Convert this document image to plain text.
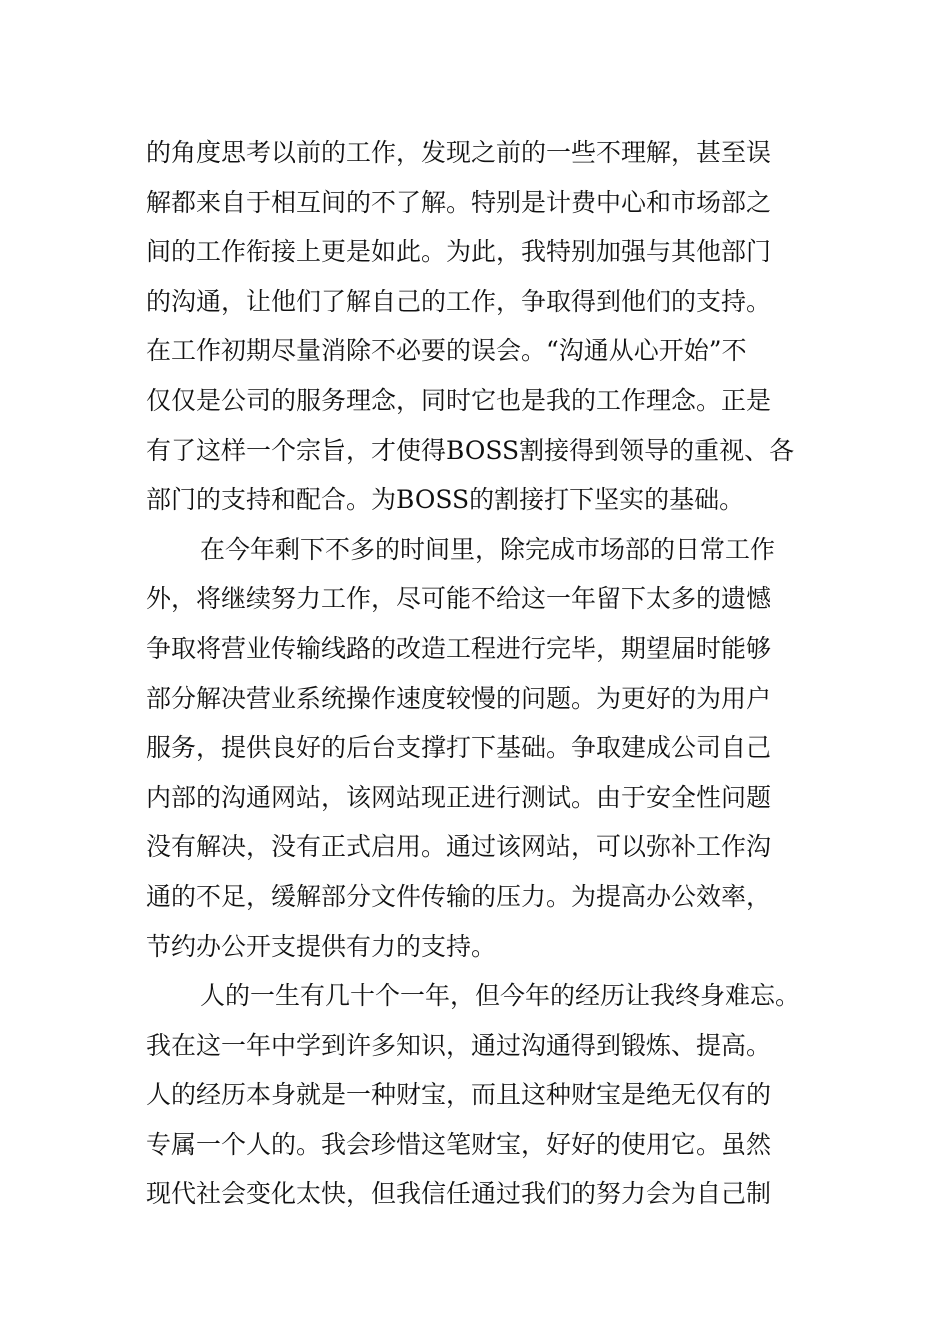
的角度思考以前的工作，发现之前的一些不理解，甚至误
解都来自于相互间的不了解。特别是计费中心和市场部之
间的工作衔接上更是如此。为此，我特别加强与其他部门
的沟通，让他们了解自己的工作，争取得到他们的支持。
在工作初期尽量消除不必要的误会。“沟通从心开始”不
仅仅是公司的服务理念，同时它也是我的工作理念。正是
有了这样一个宗旨，才使得BOSS割接得到领导的重视、各
部门的支持和配合。为BOSS的割接打下坚实的基础。
在今年剩下不多的时间里，除完成市场部的日常工作
外，将继续努力工作，尽可能不给这一年留下太多的遗憾
争取将营业传输线路的改造工程进行完毕，期望届时能够
部分解决营业系统操作速度较慢的问题。为更好的为用户
服务，提供良好的后台支撑打下基础。争取建成公司自己
内部的沟通网站，该网站现正进行测试。由于安全性问题
没有解决，没有正式启用。通过该网站，可以弥补工作沟
通的不足，缓解部分文件传输的压力。为提高办公效率，
节约办公开支提供有力的支持。
人的一生有几十个一年，但今年的经历让我终身难忘。
我在这一年中学到许多知识，通过沟通得到锻炼、提高。
人的经历本身就是一种财宝，而且这种财宝是绝无仅有的
专属一个人的。我会珍惜这笔财宝，好好的使用它。虽然
现代社会变化太快，但我信任通过我们的努力会为自己制
